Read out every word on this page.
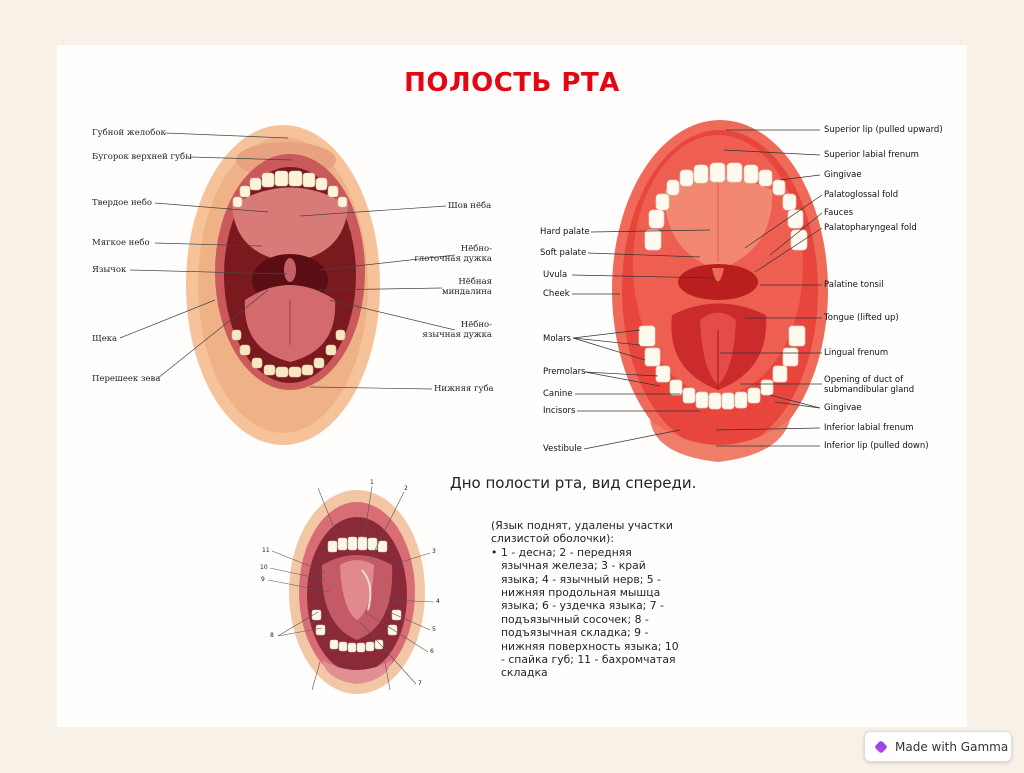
ПОЛОСТЬ РТА
Губной желобок
Бугорок верхней губы
Твердое небо
Мягкое небо
Язычок
Щека
Перешеек зева
Шов нёба
Нёбно-
глоточная дужка
Нёбная
миндалина
Нёбно-
язычная дужка
Нижняя губа
Hard palate
Soft palate
Uvula
Cheek
Molars
Premolars
Canine
Incisors
Vestibule
Superior lip (pulled upward)
Superior labial frenum
Gingivae
Palatoglossal fold
Fauces
Palatopharyngeal fold
Palatine tonsil
Tongue (lifted up)
Lingual frenum
Opening of duct of
submandibular gland
Gingivae
Inferior labial frenum
Inferior lip (pulled down)
1
2
3
4
5
6
7
8
9
10
11
Дно полости рта, вид спереди.
(Язык поднят, удалены участки слизистой оболочки):
• 1 - десна; 2 - передняя язычная железа; 3 - край языка; 4 - язычный нерв; 5 - нижняя продольная мышца языка; 6 - уздечка языка; 7 - подъязычный сосочек; 8 - подъязычная складка; 9 - нижняя поверхность языка; 10 - спайка губ; 11 - бахромчатая складка
Made with Gamma
